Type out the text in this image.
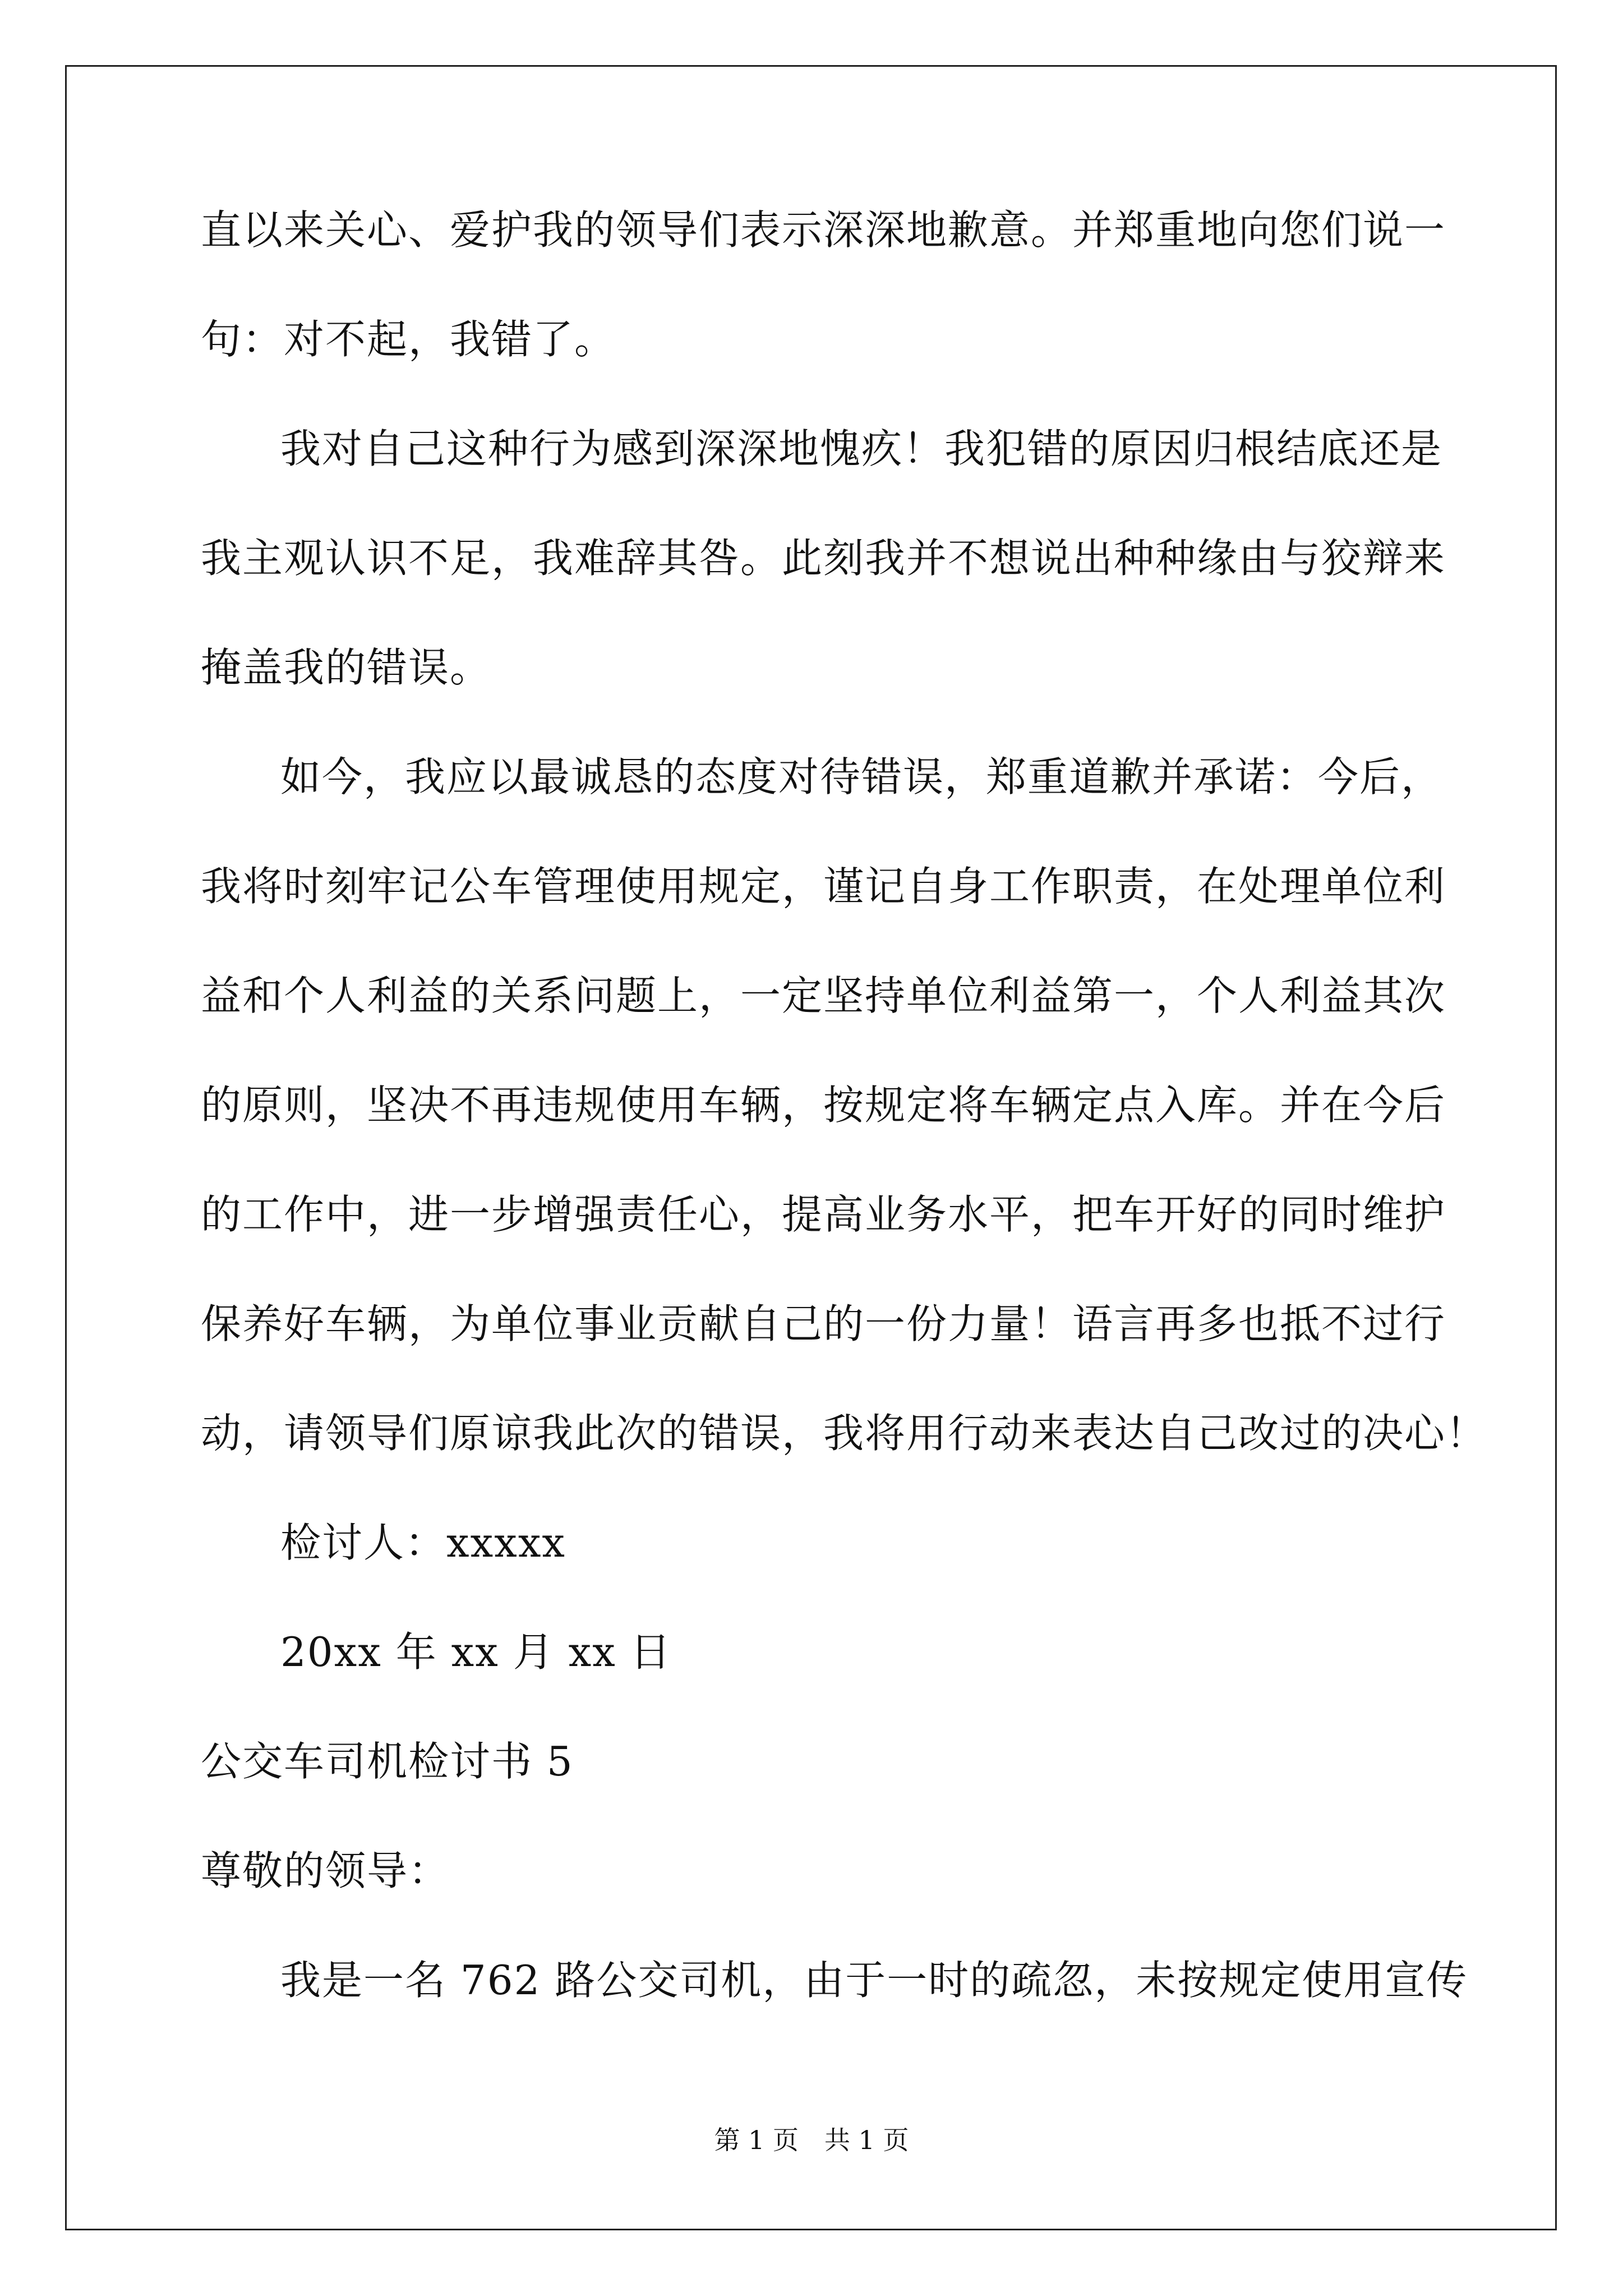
直以来关心、爱护我的领导们表示深深地歉意。并郑重地向您们说一
句：对不起，我错了。
我对自己这种行为感到深深地愧疚！我犯错的原因归根结底还是
我主观认识不足，我难辞其咎。此刻我并不想说出种种缘由与狡辩来
掩盖我的错误。
如今，我应以最诚恳的态度对待错误，郑重道歉并承诺：今后，
我将时刻牢记公车管理使用规定，谨记自身工作职责，在处理单位利
益和个人利益的关系问题上，一定坚持单位利益第一，个人利益其次
的原则，坚决不再违规使用车辆，按规定将车辆定点入库。并在今后
的工作中，进一步增强责任心，提高业务水平，把车开好的同时维护
保养好车辆，为单位事业贡献自己的一份力量！语言再多也抵不过行
动，请领导们原谅我此次的错误，我将用行动来表达自己改过的决心！
检讨人：xxxxx
20xx 年 xx 月 xx 日
公交车司机检讨书 5
尊敬的领导：
我是一名 762 路公交司机，由于一时的疏忽，未按规定使用宣传
第 1 页 共 1 页
